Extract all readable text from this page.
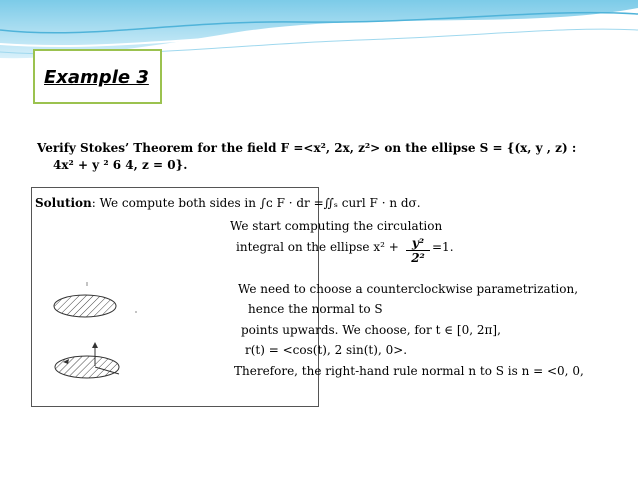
Example 3
Verify Stokes’ Theorem for the field F =<x², 2x, z²> on the ellipse S = {(x, y , z) :
4x² + y ² 6 4, z = 0}.
Solution: We compute both sides in ∫ᴄ F · dr =∬ₛ curl F · n dσ.
We start computing the circulation
integral on the ellipse $x^2 + \frac{\text{y²}}{\text{2²}} =1$.
We need to choose a counterclockwise parametrization,
hence the normal to S
points upwards. We choose, for t ∈ [0, 2π],
r(t) = <cos(t), 2 sin(t), 0>.
Therefore, the right-hand rule normal n to S is n = <0, 0,
